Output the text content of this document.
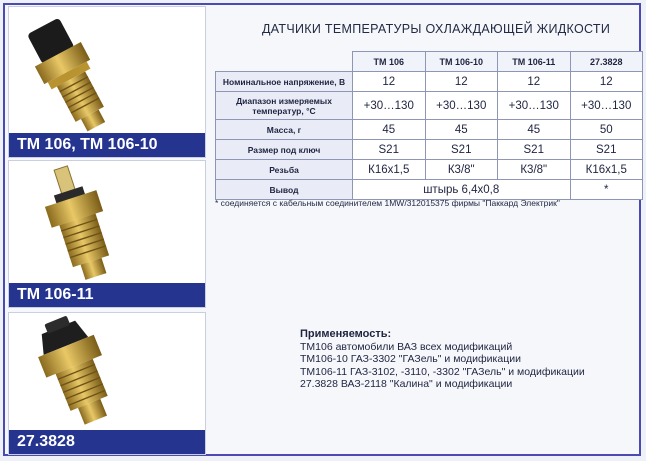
ТМ 106, ТМ 106-10
ТМ 106-11
27.3828
ДАТЧИКИ ТЕМПЕРАТУРЫ ОХЛАЖДАЮЩЕЙ ЖИДКОСТИ
	ТМ 106	ТМ 106-10	ТМ 106-11	27.3828
Номинальное напряжение, В	12	12	12	12
Диапазон измеряемых температур, °С	+30…130	+30…130	+30…130	+30…130
Масса, г	45	45	45	50
Размер под ключ	S21	S21	S21	S21
Резьба	К16х1,5	К3/8"	К3/8"	К16х1,5
Вывод	штырь 6,4х0,8			*
* соединяется с кабельным соединителем 1MW/312015375 фирмы "Паккард Электрик"
Применяемость:
ТМ106 автомобили ВАЗ всех модификаций
ТМ106-10 ГАЗ-3302 "ГАЗель" и модификации
ТМ106-11 ГАЗ-3102, -3110, -3302 "ГАЗель" и модификации
27.3828 ВАЗ-2118 "Калина" и модификации
